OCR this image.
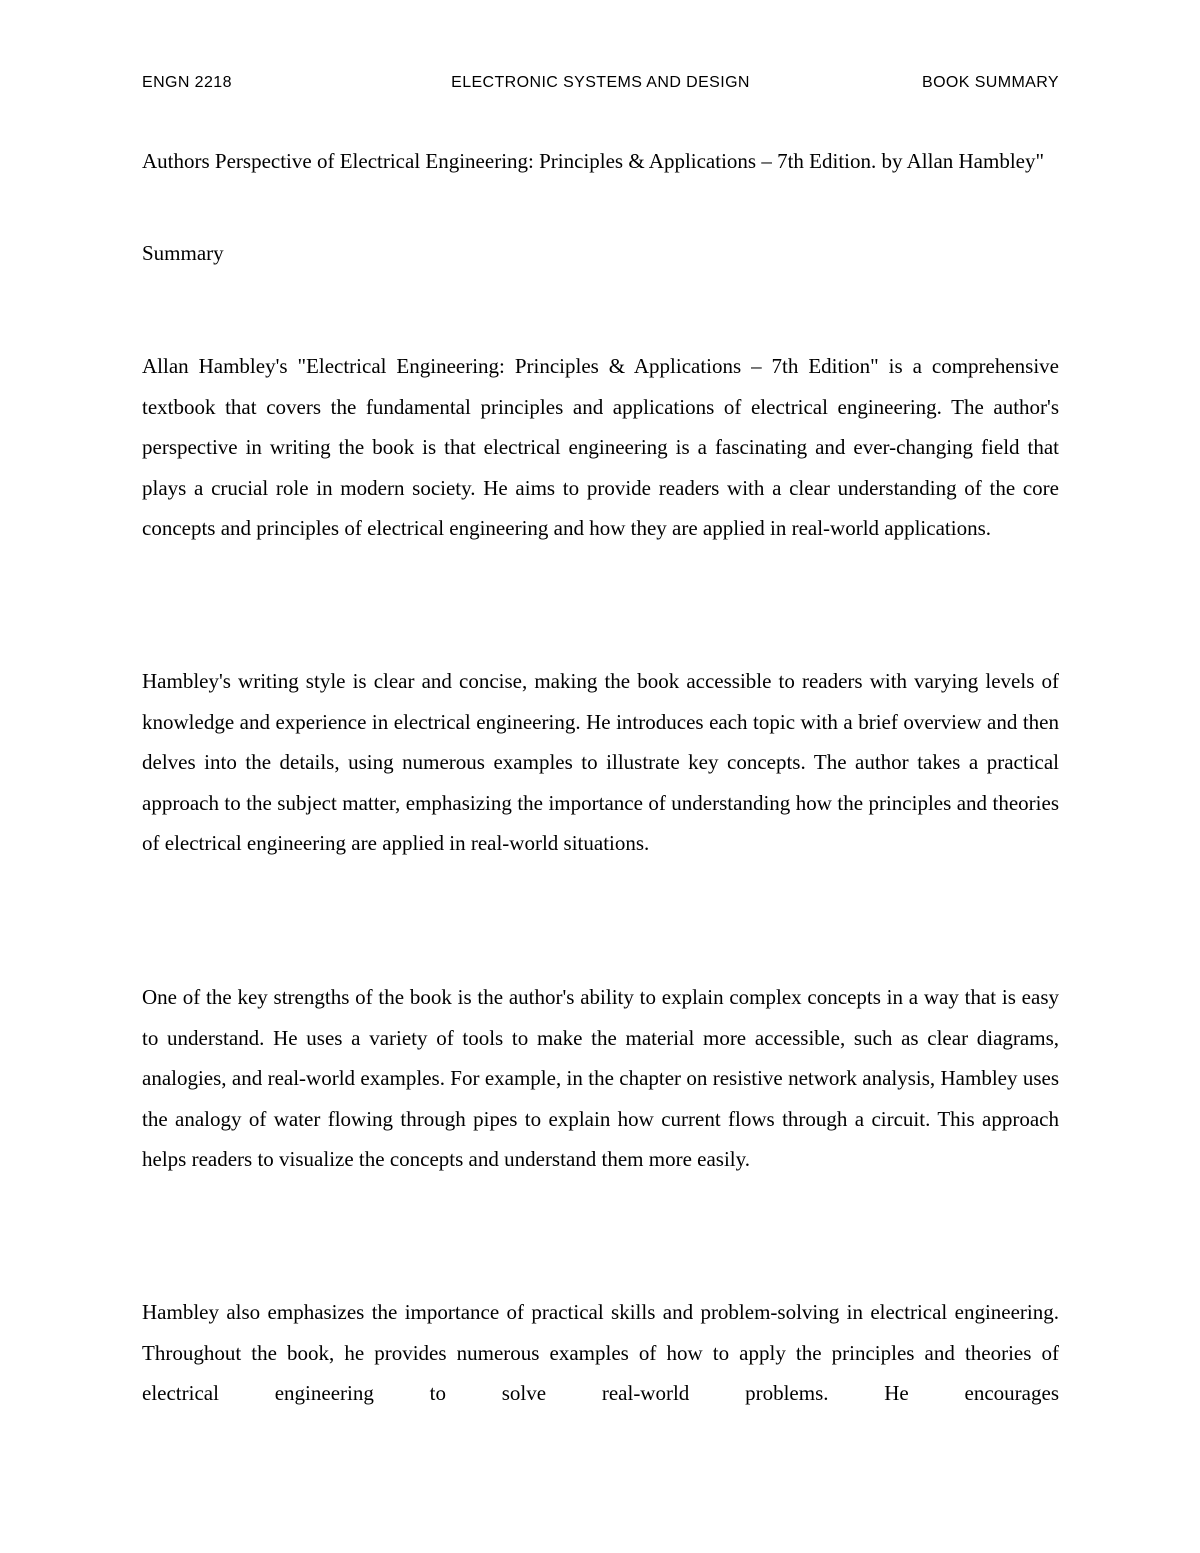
ENGN 2218	ELECTRONIC SYSTEMS AND DESIGN	BOOK SUMMARY
Authors Perspective of Electrical Engineering: Principles & Applications – 7th Edition. by Allan Hambley"

Summary

Allan Hambley's "Electrical Engineering: Principles & Applications – 7th Edition" is a comprehensive textbook that covers the fundamental principles and applications of electrical engineering. The author's perspective in writing the book is that electrical engineering is a fascinating and ever-changing field that plays a crucial role in modern society. He aims to provide readers with a clear understanding of the core concepts and principles of electrical engineering and how they are applied in real-world applications.

Hambley's writing style is clear and concise, making the book accessible to readers with varying levels of knowledge and experience in electrical engineering. He introduces each topic with a brief overview and then delves into the details, using numerous examples to illustrate key concepts. The author takes a practical approach to the subject matter, emphasizing the importance of understanding how the principles and theories of electrical engineering are applied in real-world situations.

One of the key strengths of the book is the author's ability to explain complex concepts in a way that is easy to understand. He uses a variety of tools to make the material more accessible, such as clear diagrams, analogies, and real-world examples. For example, in the chapter on resistive network analysis, Hambley uses the analogy of water flowing through pipes to explain how current flows through a circuit. This approach helps readers to visualize the concepts and understand them more easily.

Hambley also emphasizes the importance of practical skills and problem-solving in electrical engineering. Throughout the book, he provides numerous examples of how to apply the principles and theories of electrical engineering to solve real-world problems. He encourages
